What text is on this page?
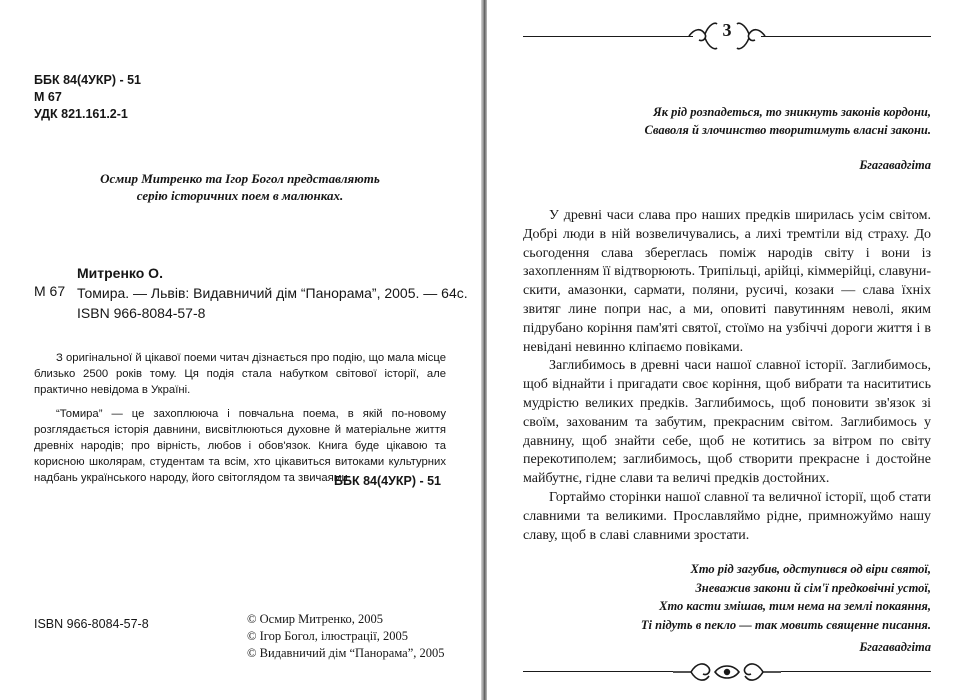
ББК 84(4УКР) - 51
М 67
УДК 821.161.2-1
Осмир Митренко та Ігор Богол представляють
серію історичних поем в малюнках.
Митренко О.
М 67 Томира. — Львів: Видавничий дім “Панорама”, 2005. — 64с.
ISBN 966-8084-57-8

З оригінальної й цікавої поеми читач дізнається про подію, що мала місце близько 2500 років тому. Ця подія стала набутком світової історії, але практично невідома в Україні.

“Томира” — це захоплююча і повчальна поема, в якій по-новому розглядається історія давнини, висвітлюються духовне й матеріальне життя древніх народів; про вірність, любов і обов'язок. Книга буде цікавою та корисною школярам, студентам та всім, хто цікавиться витоками культурних надбань українського народу, його світоглядом та звичаями.

ББК 84(4УКР) - 51
ISBN 966-8084-57-8	© Осмир Митренко, 2005
© Ігор Богол, ілюстрації, 2005
© Видавничий дім “Панорама”, 2005
3
Як рід розпадеться, то зникнуть законів кордони,
Сваволя й злочинство творитимуть власні закони.
Бгагавадгіта

У древні часи слава про наших предків ширилась усім світом. Добрі люди в ній возвеличувались, а лихі тремтіли від страху. До сьогодення слава збереглась поміж народів світу і вони із захопленням її відтворюють. Трипільці, арійці, кіммерійці, славуни-скити, амазонки, сармати, поляни, русичі, козаки — слава їхніх звитяг лине попри нас, а ми, оповиті павутинням неволі, яким підрубано коріння пам'яті святої, стоїмо на узбіччі дороги життя і в невідані невинно кліпаємо повіками.

Заглибимось в древні часи нашої славної історії. Заглибимось, щоб віднайти і пригадати своє коріння, щоб вибрати та насититись мудрістю великих предків. Заглибимось, щоб поновити зв'язок зі своїм, захованим та забутим, прекрасним світом. Заглибимось у давнину, щоб знайти себе, щоб не котитись за вітром по світу перекотиполем; заглибимось, щоб створити прекрасне і достойне майбутнє, гідне слави та величі предків достойних.

Гортаймо сторінки нашої славної та величної історії, щоб стати славними та великими. Прославляймо рідне, примножуймо нашу славу, щоб в славі славними зростати.

Хто рід загубив, одступився од віри святої,
Зневажив закони й сім'ї предковічні устої,
Хто касти змішав, тим нема на землі покаяння,
Ті підуть в пекло — так мовить священне писання.
Бгагавадгіта
